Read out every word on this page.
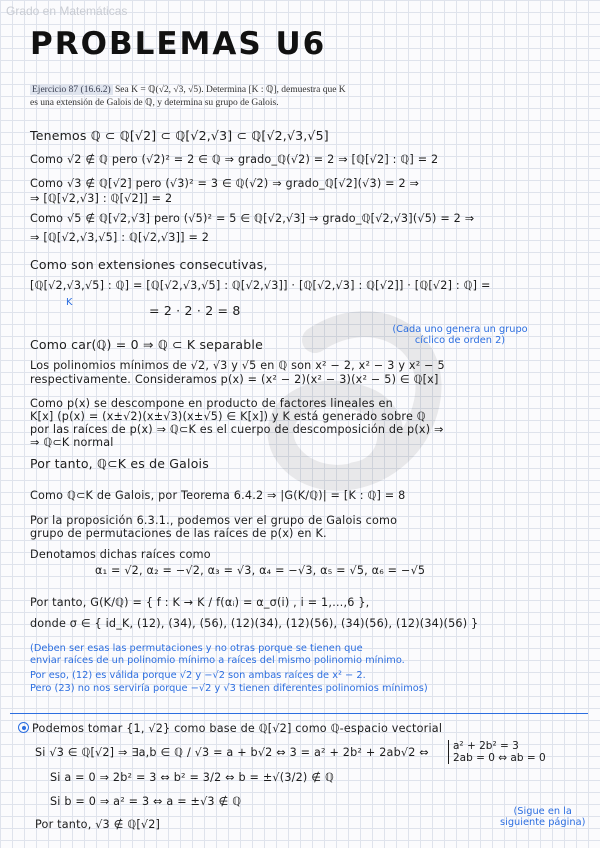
Grado en Matemáticas
PROBLEMAS U6
Ejercicio 87 (16.6.2) Sea K = ℚ(√2, √3, √5). Determina [K : ℚ], demuestra que K es una extensión de Galois de ℚ, y determina su grupo de Galois.
Tenemos ℚ ⊂ ℚ[√2] ⊂ ℚ[√2,√3] ⊂ ℚ[√2,√3,√5]
Como √2 ∉ ℚ pero (√2)² = 2 ∈ ℚ ⇒ grado_ℚ(√2) = 2 ⇒ [ℚ[√2] : ℚ] = 2
Como √3 ∉ ℚ[√2] pero (√3)² = 3 ∈ ℚ(√2) ⇒ grado_ℚ[√2](√3) = 2 ⇒
⇒ [ℚ[√2,√3] : ℚ[√2]] = 2
Como √5 ∉ ℚ[√2,√3] pero (√5)² = 5 ∈ ℚ[√2,√3] ⇒ grado_ℚ[√2,√3](√5) = 2 ⇒
⇒ [ℚ[√2,√3,√5] : ℚ[√2,√3]] = 2
Como son extensiones consecutivas,
[ℚ[√2,√3,√5] : ℚ] = [ℚ[√2,√3,√5] : ℚ[√2,√3]] · [ℚ[√2,√3] : ℚ[√2]] · [ℚ[√2] : ℚ] =
K
= 2 · 2 · 2 = 8
(Cada uno genera un grupo cíclico de orden 2)
Como car(ℚ) = 0 ⇒ ℚ ⊂ K separable
Los polinomios mínimos de √2, √3 y √5 en ℚ son x² − 2, x² − 3 y x² − 5
respectivamente. Consideramos p(x) = (x² − 2)(x² − 3)(x² − 5) ∈ ℚ[x]
Como p(x) se descompone en producto de factores lineales en
K[x] (p(x) = (x±√2)(x±√3)(x±√5) ∈ K[x]) y K está generado sobre ℚ
por las raíces de p(x) ⇒ ℚ⊂K es el cuerpo de descomposición de p(x) ⇒
⇒ ℚ⊂K normal
Por tanto, ℚ⊂K es de Galois
Como ℚ⊂K de Galois, por Teorema 6.4.2 ⇒ |G(K/ℚ)| = [K : ℚ] = 8
Por la proposición 6.3.1., podemos ver el grupo de Galois como
grupo de permutaciones de las raíces de p(x) en K.
Denotamos dichas raíces como
α₁ = √2, α₂ = −√2, α₃ = √3, α₄ = −√3, α₅ = √5, α₆ = −√5
Por tanto, G(K/ℚ) = { f : K → K / f(αᵢ) = α_σ(i) , i = 1,…,6 },
donde σ ∈ { id_K, (12), (34), (56), (12)(34), (12)(56), (34)(56), (12)(34)(56) }
(Deben ser esas las permutaciones y no otras porque se tienen que
enviar raíces de un polinomio mínimo a raíces del mismo polinomio mínimo.
Por eso, (12) es válida porque √2 y −√2 son ambas raíces de x² − 2.
Pero (23) no nos serviría porque −√2 y √3 tienen diferentes polinomios mínimos)
Podemos tomar {1, √2} como base de ℚ[√2] como ℚ-espacio vectorial
Si √3 ∈ ℚ[√2] ⇒ ∃a,b ∈ ℚ / √3 = a + b√2 ⇔ 3 = a² + 2b² + 2ab√2 ⇔ a² + 2b² = 3
2ab = 0 ⇔ ab = 0
Si a = 0 ⇒ 2b² = 3 ⇔ b² = 3/2 ⇔ b = ±√(3/2) ∉ ℚ
Si b = 0 ⇒ a² = 3 ⇔ a = ±√3 ∉ ℚ
Por tanto, √3 ∉ ℚ[√2]
(Sigue en la
siguiente página)
